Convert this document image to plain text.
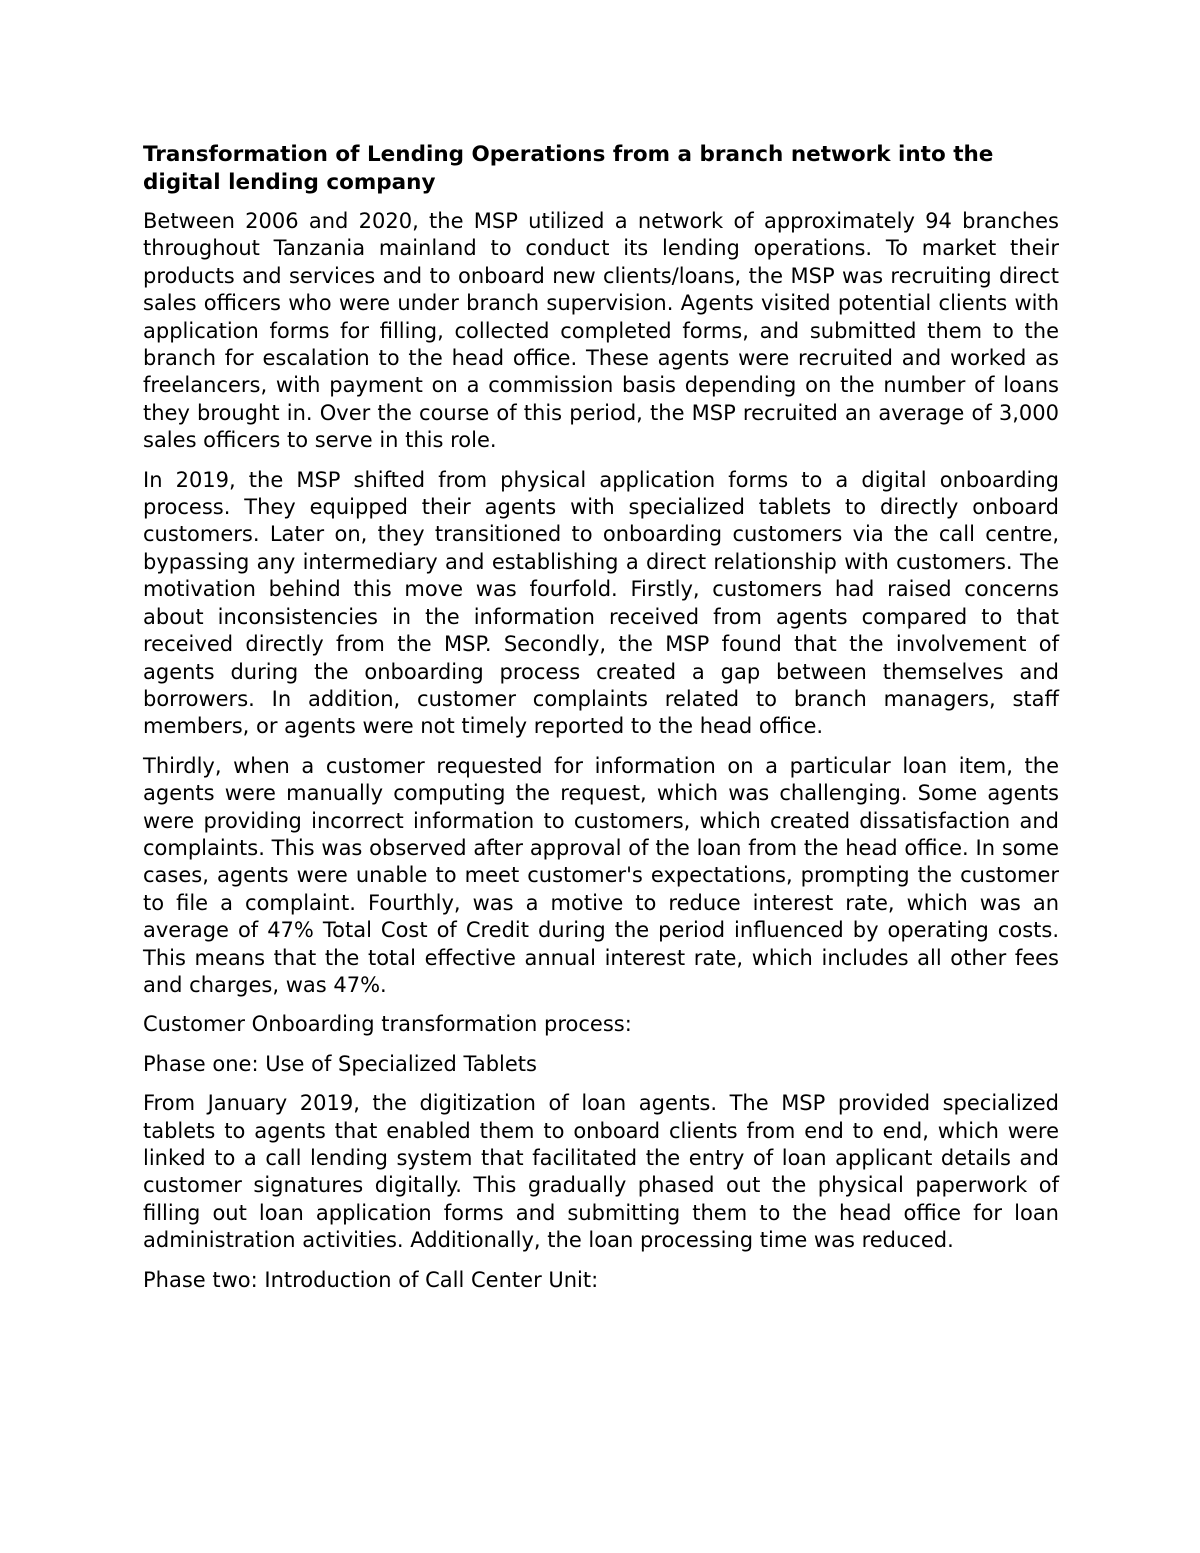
Transformation of Lending Operations from a branch network into the digital lending company

Between 2006 and 2020, the MSP utilized a network of approximately 94 branches throughout Tanzania mainland to conduct its lending operations. To market their products and services and to onboard new clients/loans, the MSP was recruiting direct sales officers who were under branch supervision. Agents visited potential clients with application forms for filling, collected completed forms, and submitted them to the branch for escalation to the head office. These agents were recruited and worked as freelancers, with payment on a commission basis depending on the number of loans they brought in. Over the course of this period, the MSP recruited an average of 3,000 sales officers to serve in this role.

In 2019, the MSP shifted from physical application forms to a digital onboarding process. They equipped their agents with specialized tablets to directly onboard customers. Later on, they transitioned to onboarding customers via the call centre, bypassing any intermediary and establishing a direct relationship with customers. The motivation behind this move was fourfold. Firstly, customers had raised concerns about inconsistencies in the information received from agents compared to that received directly from the MSP. Secondly, the MSP found that the involvement of agents during the onboarding process created a gap between themselves and borrowers. In addition, customer complaints related to branch managers, staff members, or agents were not timely reported to the head office.

Thirdly, when a customer requested for information on a particular loan item, the agents were manually computing the request, which was challenging. Some agents were providing incorrect information to customers, which created dissatisfaction and complaints. This was observed after approval of the loan from the head office. In some cases, agents were unable to meet customer's expectations, prompting the customer to file a complaint. Fourthly, was a motive to reduce interest rate, which was an average of 47% Total Cost of Credit during the period influenced by operating costs. This means that the total effective annual interest rate, which includes all other fees and charges, was 47%.

Customer Onboarding transformation process:

Phase one: Use of Specialized Tablets

From January 2019, the digitization of loan agents. The MSP provided specialized tablets to agents that enabled them to onboard clients from end to end, which were linked to a call lending system that facilitated the entry of loan applicant details and customer signatures digitally. This gradually phased out the physical paperwork of filling out loan application forms and submitting them to the head office for loan administration activities. Additionally, the loan processing time was reduced.

Phase two: Introduction of Call Center Unit:
